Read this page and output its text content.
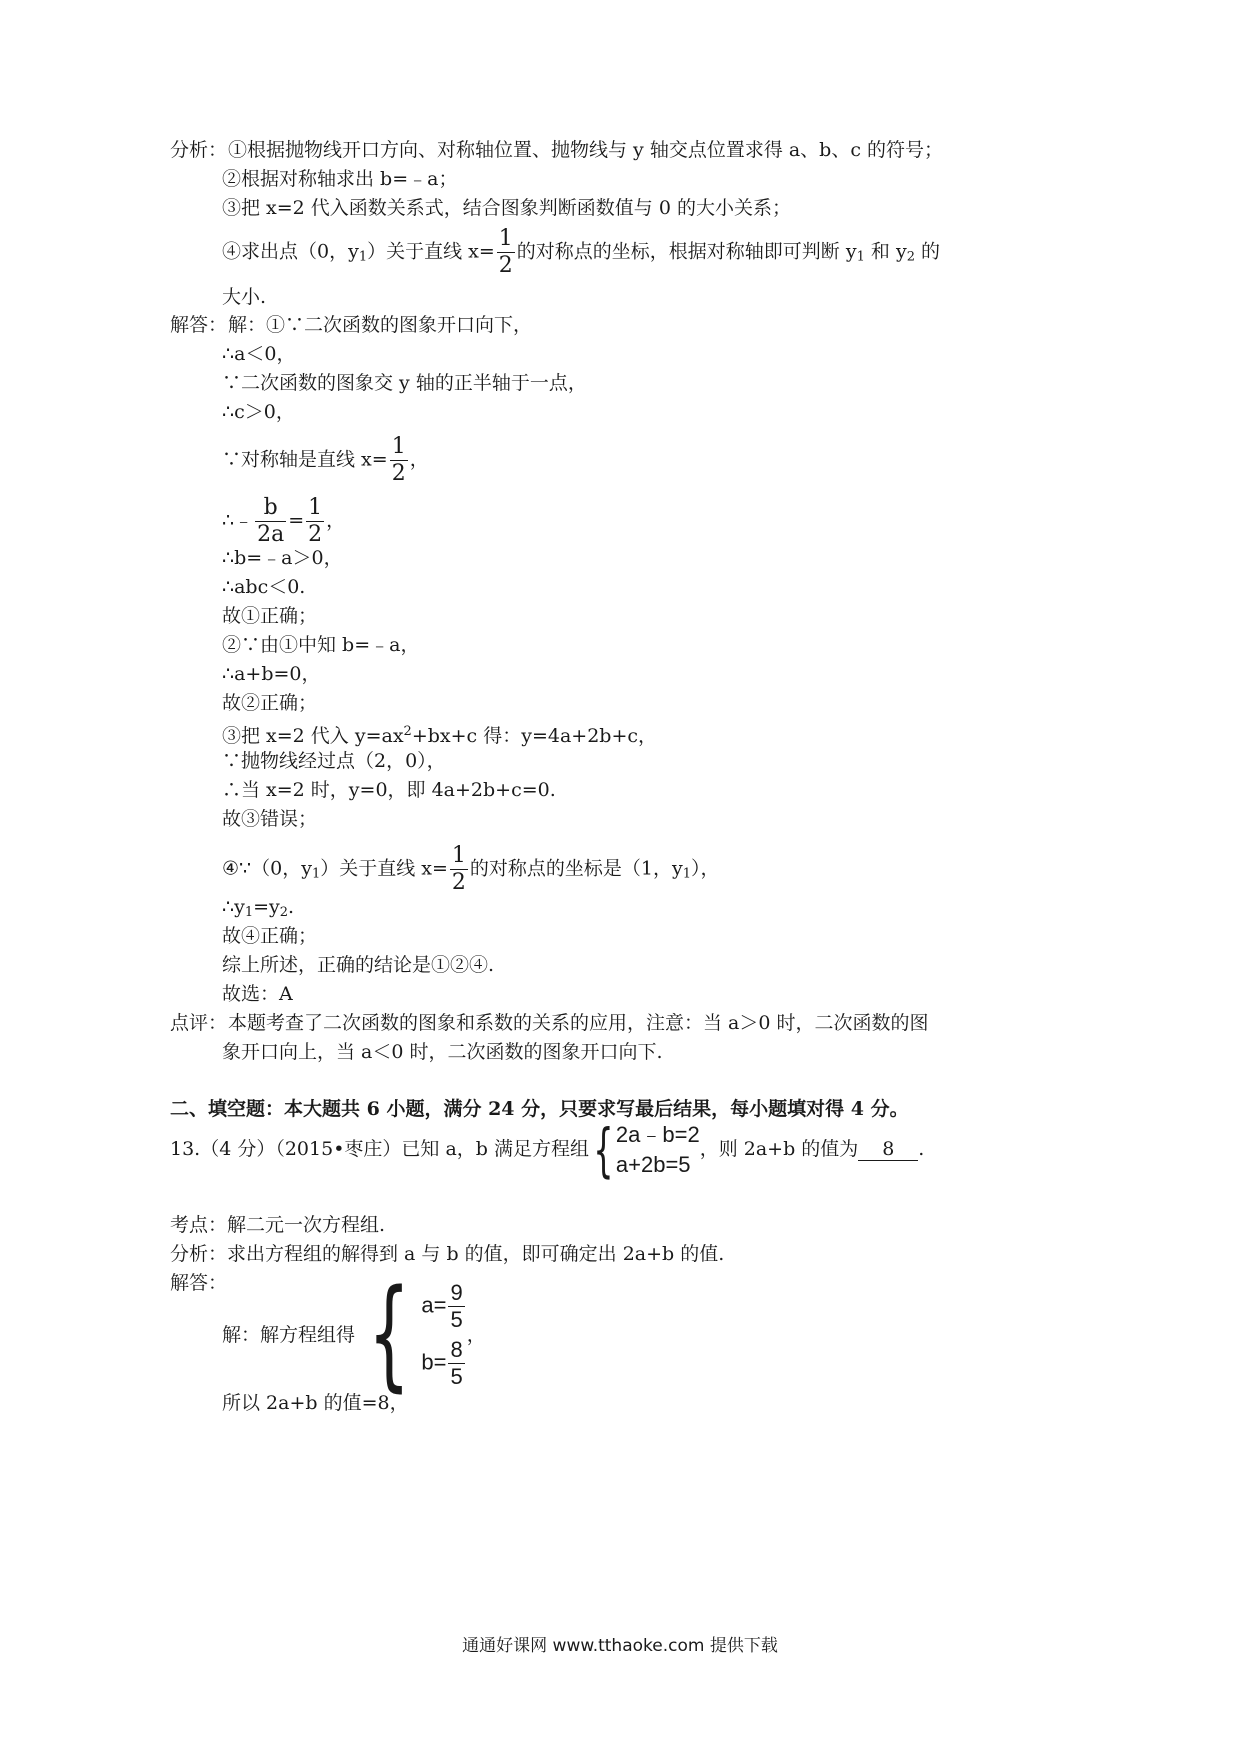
分析：①根据抛物线开口方向、对称轴位置、抛物线与 y 轴交点位置求得 a、b、c 的符号；
②根据对称轴求出 b=﹣a；
③把 x=2 代入函数关系式，结合图象判断函数值与 0 的大小关系；
④求出点（0，$y_1$）关于直线 $x= \frac{1}{2}$ 的对称点的坐标，根据对称轴即可判断 $y_1$ 和 $y_2$ 的
大小.
解答：解：①∵二次函数的图象开口向下，
∴a＜0，
∵二次函数的图象交 y 轴的正半轴于一点，
∴c＞0，
∵对称轴是直线 $x= \frac{1}{2}$ ，
∴﹣ $\frac{b}{2a} = \frac{1}{2}$ ，
∴b=﹣a＞0，
∴abc＜0.
故①正确；
②∵由①中知 b=﹣a，
∴a+b=0，
故②正确；
③把 x=2 代入 $y=ax^2+bx+c$ 得：y=4a+2b+c，
∵抛物线经过点（2，0），
∴当 x=2 时，y=0，即 4a+2b+c=0.
故③错误；
④∵（0，$y_1$）关于直线 $x= \frac{1}{2}$ 的对称点的坐标是（1，$y_1$），
$\therefore y_1=y_2$.
故④正确；
综上所述，正确的结论是①②④.
故选：A
点评：本题考查了二次函数的图象和系数的关系的应用，注意：当 a＞0 时，二次函数的图
象开口向上，当 a＜0 时，二次函数的图象开口向下.
二、填空题：本大题共 6 小题，满分 24 分，只要求写最后结果，每小题填对得 4 分。
13.（4 分）（2015•枣庄）已知 a，b 满足方程组 { 2a﹣b=2
a+2b=5
，则 2a+b 的值为 8 .
考点：解二元一次方程组.
分析：求出方程组的解得到 a 与 b 的值，即可确定出 2a+b 的值.
解答：
解：解方程组得 { $a= \frac{9}{5}$
$b= \frac{8}{5}$
，
所以 2a+b 的值=8，
通通好课网 www.tthaoke.com 提供下载
